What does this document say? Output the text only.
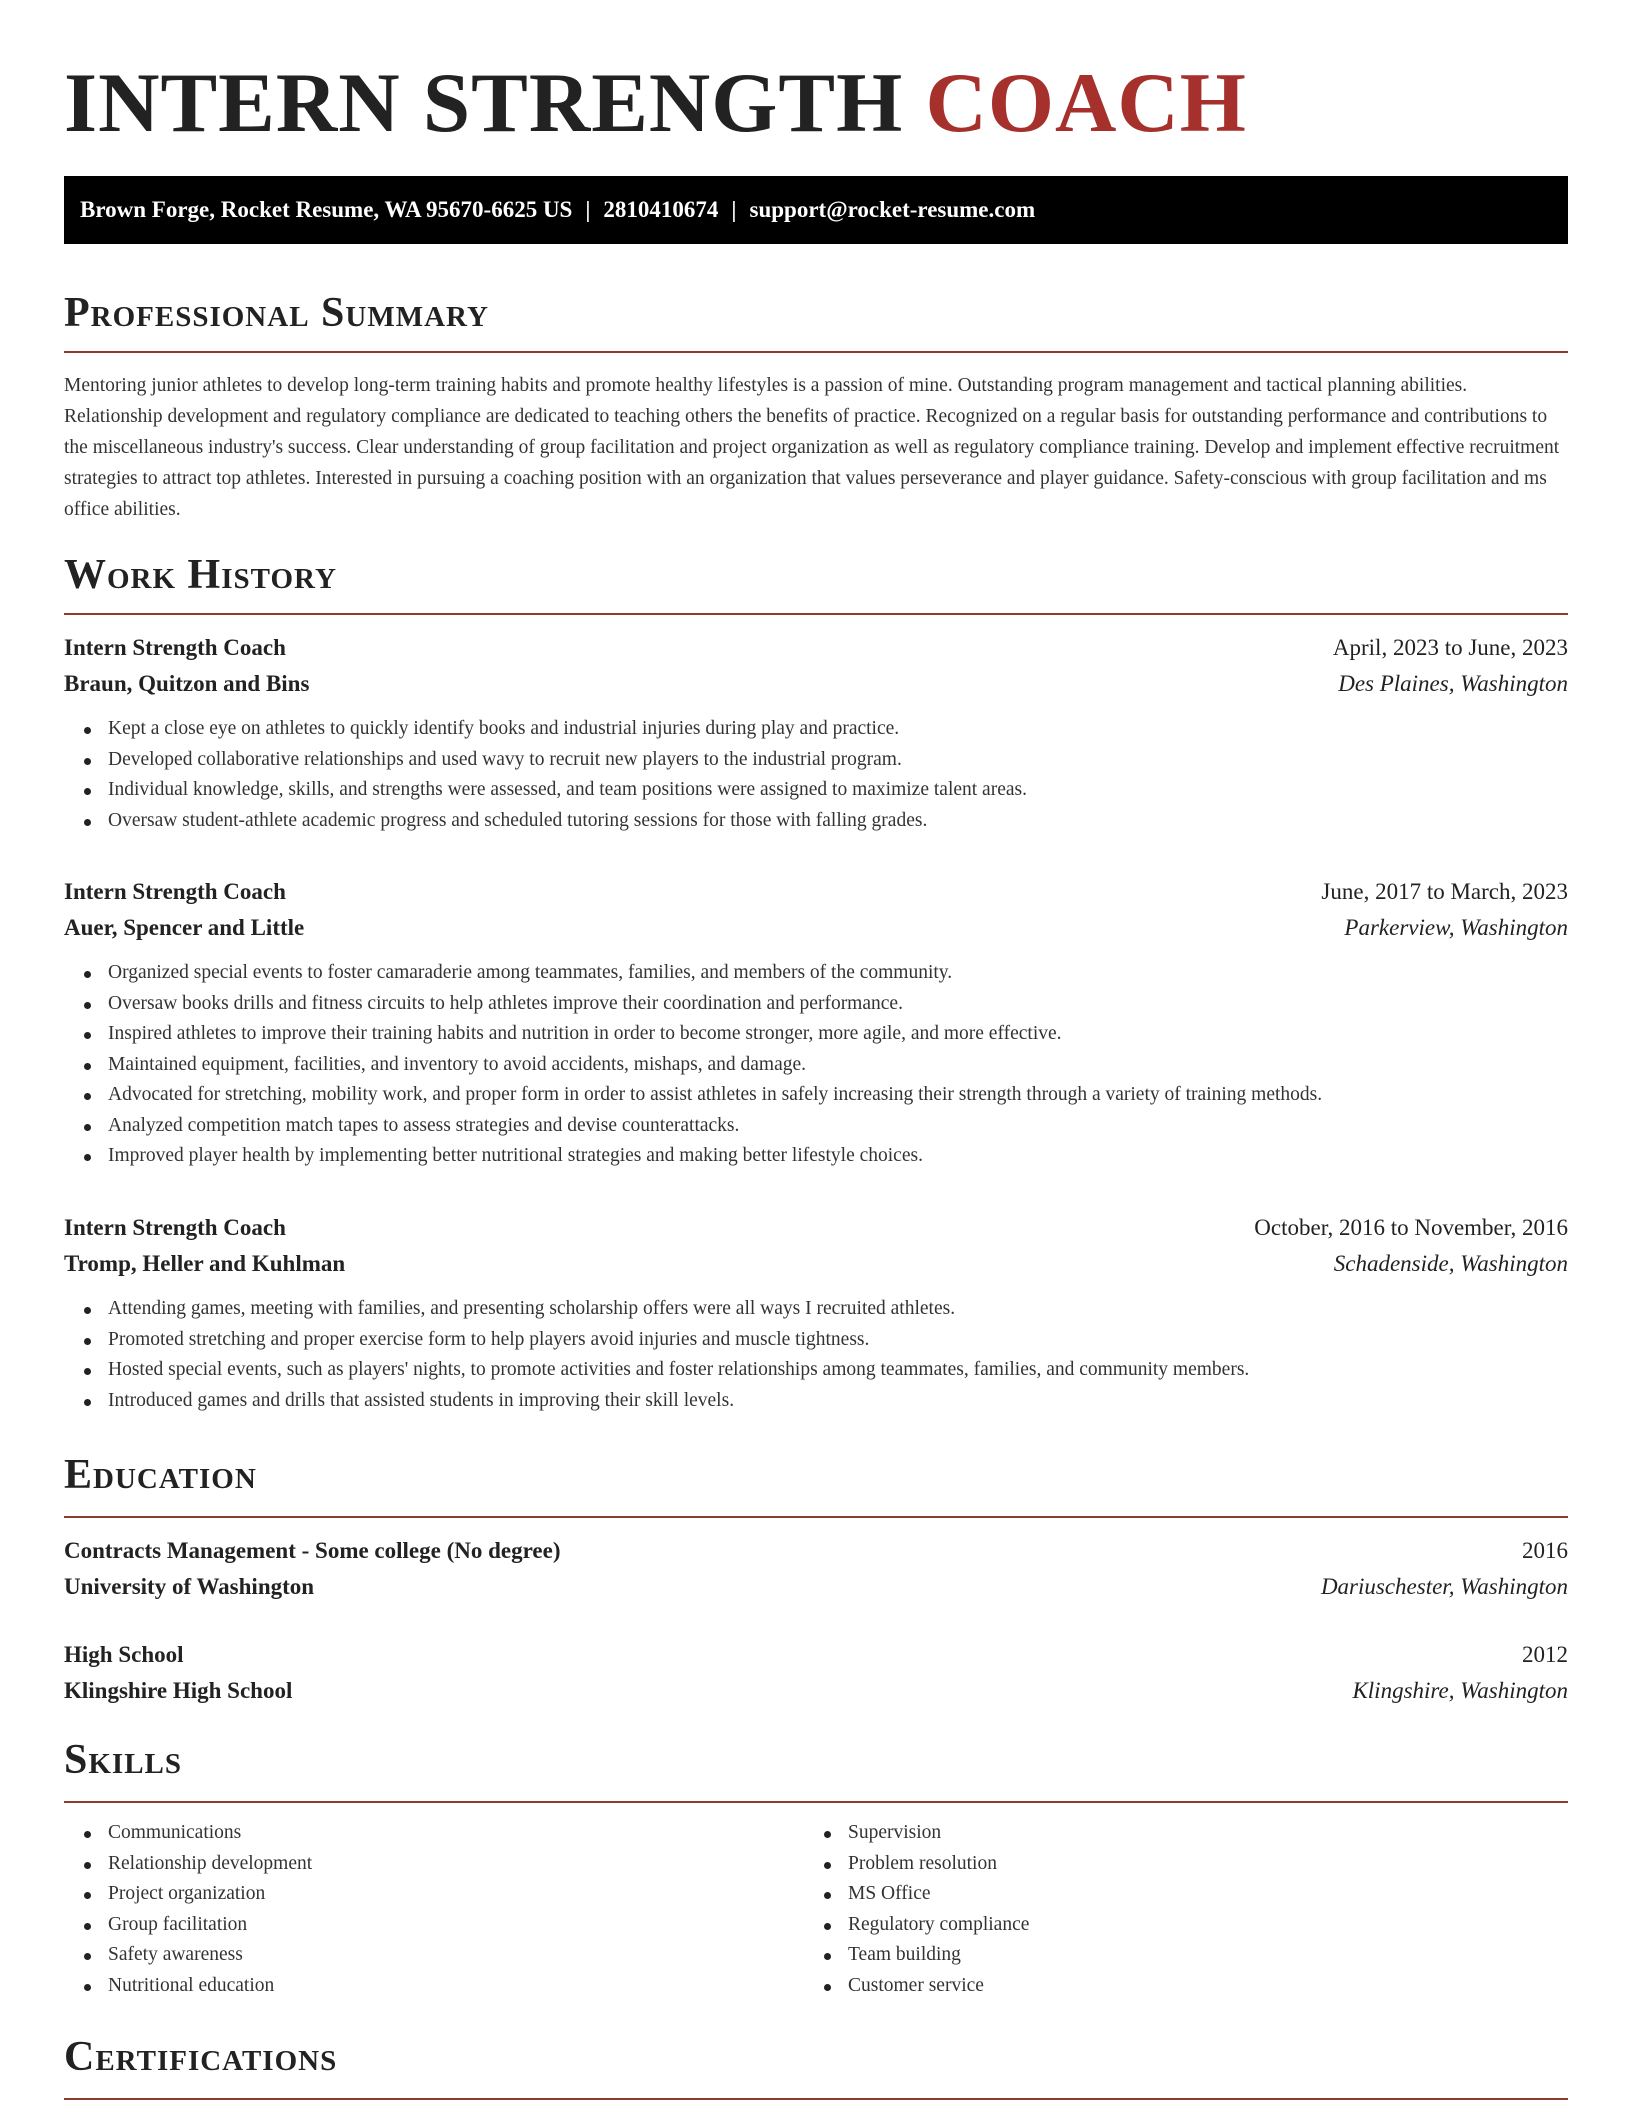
INTERN STRENGTH COACH
Brown Forge, Rocket Resume, WA 95670-6625 US | 2810410674 | support@rocket-resume.com
Professional Summary

Mentoring junior athletes to develop long-term training habits and promote healthy lifestyles is a passion of mine. Outstanding program management and tactical planning abilities. Relationship development and regulatory compliance are dedicated to teaching others the benefits of practice. Recognized on a regular basis for outstanding performance and contributions to the miscellaneous industry's success. Clear understanding of group facilitation and project organization as well as regulatory compliance training. Develop and implement effective recruitment strategies to attract top athletes. Interested in pursuing a coaching position with an organization that values perseverance and player guidance. Safety-conscious with group facilitation and ms office abilities.

Work History
Intern Strength Coach	April, 2023 to June, 2023
Braun, Quitzon and Bins	Des Plaines, Washington
Kept a close eye on athletes to quickly identify books and industrial injuries during play and practice.
Developed collaborative relationships and used wavy to recruit new players to the industrial program.
Individual knowledge, skills, and strengths were assessed, and team positions were assigned to maximize talent areas.
Oversaw student-athlete academic progress and scheduled tutoring sessions for those with falling grades.
Intern Strength Coach	June, 2017 to March, 2023
Auer, Spencer and Little	Parkerview, Washington
Organized special events to foster camaraderie among teammates, families, and members of the community.
Oversaw books drills and fitness circuits to help athletes improve their coordination and performance.
Inspired athletes to improve their training habits and nutrition in order to become stronger, more agile, and more effective.
Maintained equipment, facilities, and inventory to avoid accidents, mishaps, and damage.
Advocated for stretching, mobility work, and proper form in order to assist athletes in safely increasing their strength through a variety of training methods.
Analyzed competition match tapes to assess strategies and devise counterattacks.
Improved player health by implementing better nutritional strategies and making better lifestyle choices.
Intern Strength Coach	October, 2016 to November, 2016
Tromp, Heller and Kuhlman	Schadenside, Washington
Attending games, meeting with families, and presenting scholarship offers were all ways I recruited athletes.
Promoted stretching and proper exercise form to help players avoid injuries and muscle tightness.
Hosted special events, such as players' nights, to promote activities and foster relationships among teammates, families, and community members.
Introduced games and drills that assisted students in improving their skill levels.
Education
Contracts Management - Some college (No degree)	2016
University of Washington	Dariuschester, Washington
High School	2012
Klingshire High School	Klingshire, Washington
Skills
Communications
Relationship development
Project organization
Group facilitation
Safety awareness
Nutritional education
Supervision
Problem resolution
MS Office
Regulatory compliance
Team building
Customer service
Certifications
